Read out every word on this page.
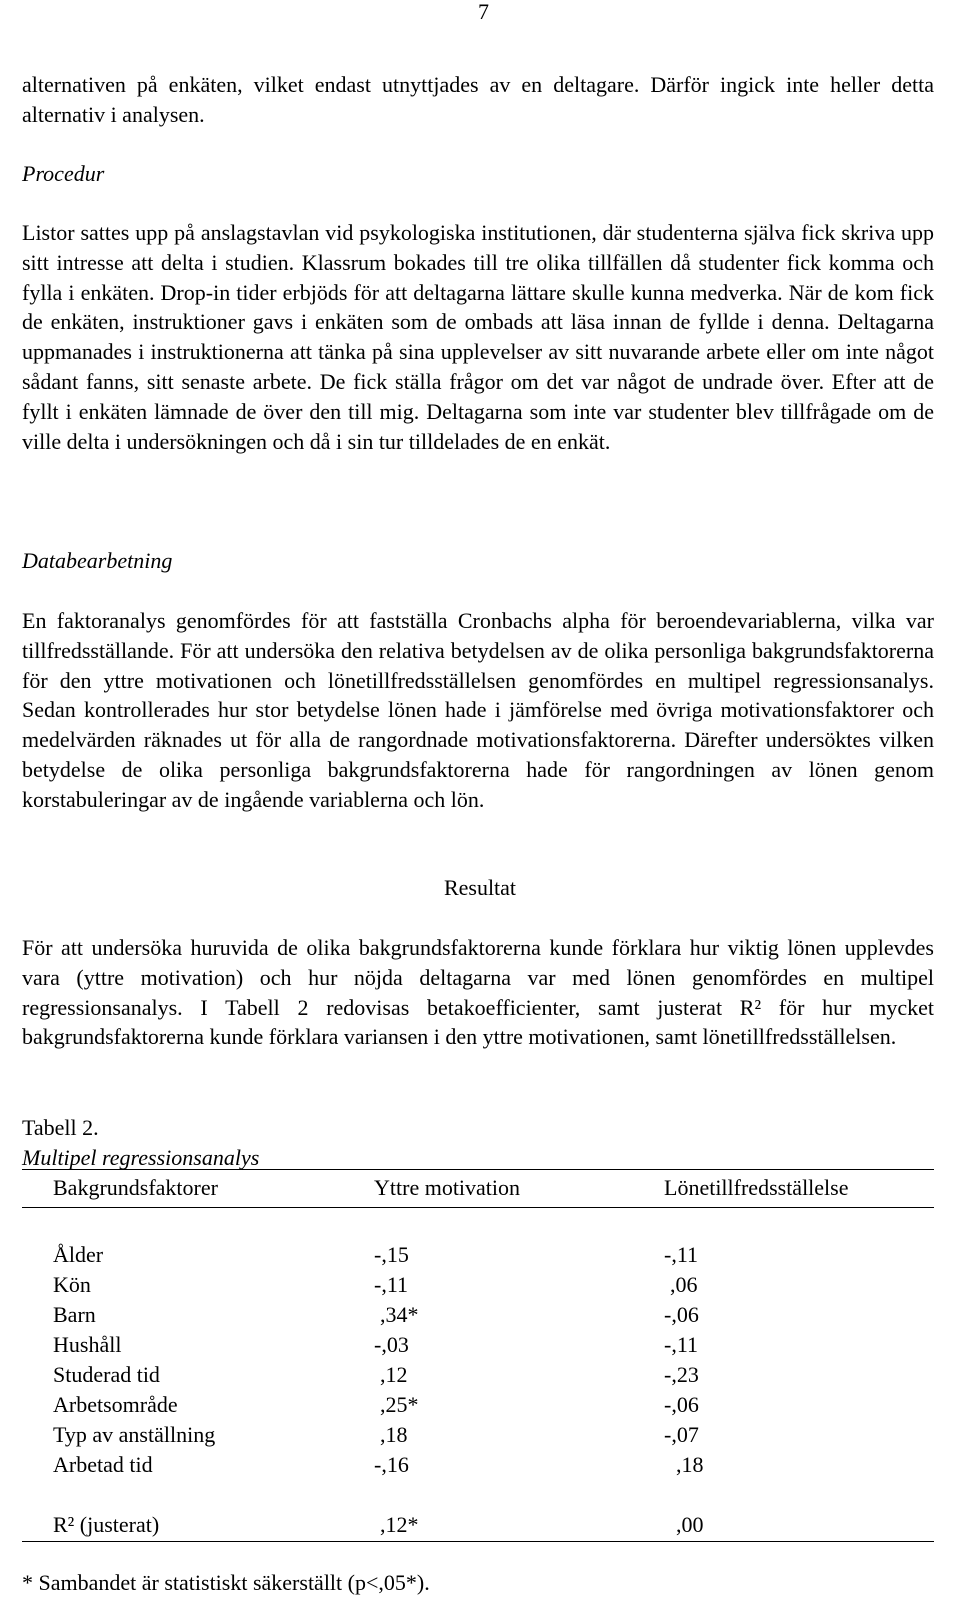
7

alternativen på enkäten, vilket endast utnyttjades av en deltagare. Därför ingick inte heller detta alternativ i analysen.

Procedur

Listor sattes upp på anslagstavlan vid psykologiska institutionen, där studenterna själva fick skriva upp sitt intresse att delta i studien. Klassrum bokades till tre olika tillfällen då studenter fick komma och fylla i enkäten. Drop-in tider erbjöds för att deltagarna lättare skulle kunna medverka. När de kom fick de enkäten, instruktioner gavs i enkäten som de ombads att läsa innan de fyllde i denna. Deltagarna uppmanades i instruktionerna att tänka på sina upplevelser av sitt nuvarande arbete eller om inte något sådant fanns, sitt senaste arbete. De fick ställa frågor om det var något de undrade över. Efter att de fyllt i enkäten lämnade de över den till mig. Deltagarna som inte var studenter blev tillfrågade om de ville delta i undersökningen och då i sin tur tilldelades de en enkät.

Databearbetning

En faktoranalys genomfördes för att fastställa Cronbachs alpha för beroendevariablerna, vilka var tillfredsställande. För att undersöka den relativa betydelsen av de olika personliga bakgrundsfaktorerna för den yttre motivationen och lönetillfredsställelsen genomfördes en multipel regressionsanalys. Sedan kontrollerades hur stor betydelse lönen hade i jämförelse med övriga motivationsfaktorer och medelvärden räknades ut för alla de rangordnade motivationsfaktorerna. Därefter undersöktes vilken betydelse de olika personliga bakgrundsfaktorerna hade för rangordningen av lönen genom korstabuleringar av de ingående variablerna och lön.

Resultat

För att undersöka huruvida de olika bakgrundsfaktorerna kunde förklara hur viktig lönen upplevdes vara (yttre motivation) och hur nöjda deltagarna var med lönen genomfördes en multipel regressionsanalys. I Tabell 2 redovisas betakoefficienter, samt justerat R² för hur mycket bakgrundsfaktorerna kunde förklara variansen i den yttre motivationen, samt lönetillfredsställelsen.

Tabell 2.

Multipel regressionsanalys

Bakgrundsfaktorer	Yttre motivation	Lönetillfredsställelse

Ålder	-,15	-,11
Kön	-,11	,06
Barn	,34*	-,06
Hushåll	-,03	-,11
Studerad tid	,12	-,23
Arbetsområde	,25*	-,06
Typ av anställning	,18	-,07
Arbetad tid	-,16	,18
R² (justerat)	,12*	,00

* Sambandet är statistiskt säkerställt (p<,05*).
